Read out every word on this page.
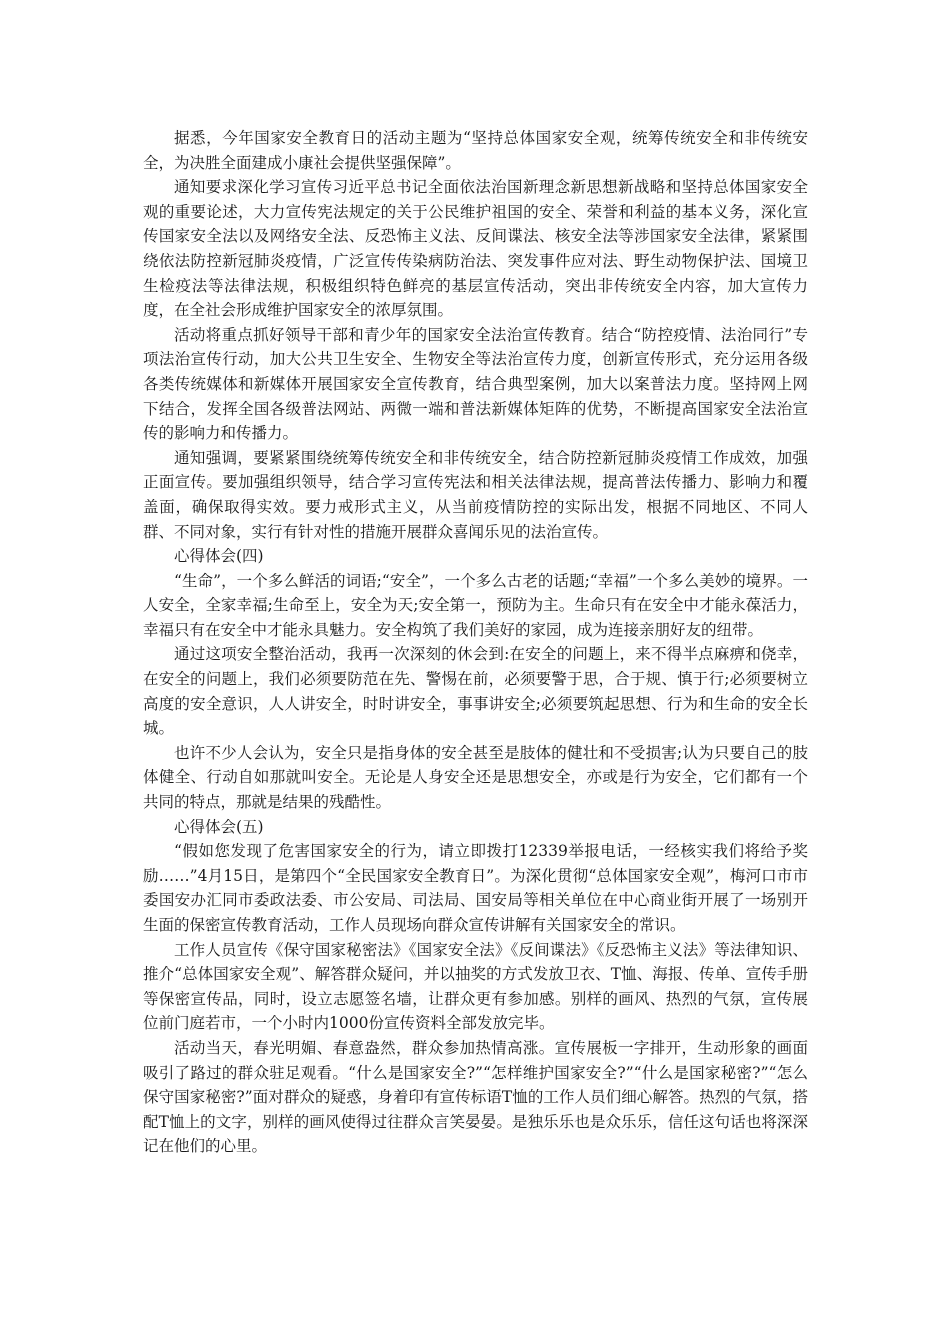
据悉，今年国家安全教育日的活动主题为“坚持总体国家安全观，统筹传统安全和非传统安全，为决胜全面建成小康社会提供坚强保障”。

通知要求深化学习宣传习近平总书记全面依法治国新理念新思想新战略和坚持总体国家安全观的重要论述，大力宣传宪法规定的关于公民维护祖国的安全、荣誉和利益的基本义务，深化宣传国家安全法以及网络安全法、反恐怖主义法、反间谍法、核安全法等涉国家安全法律，紧紧围绕依法防控新冠肺炎疫情，广泛宣传传染病防治法、突发事件应对法、野生动物保护法、国境卫生检疫法等法律法规，积极组织特色鲜亮的基层宣传活动，突出非传统安全内容，加大宣传力度，在全社会形成维护国家安全的浓厚氛围。

活动将重点抓好领导干部和青少年的国家安全法治宣传教育。结合“防控疫情、法治同行”专项法治宣传行动，加大公共卫生安全、生物安全等法治宣传力度，创新宣传形式，充分运用各级各类传统媒体和新媒体开展国家安全宣传教育，结合典型案例，加大以案普法力度。坚持网上网下结合，发挥全国各级普法网站、两微一端和普法新媒体矩阵的优势，不断提高国家安全法治宣传的影响力和传播力。

通知强调，要紧紧围绕统筹传统安全和非传统安全，结合防控新冠肺炎疫情工作成效，加强正面宣传。要加强组织领导，结合学习宣传宪法和相关法律法规，提高普法传播力、影响力和覆盖面，确保取得实效。要力戒形式主义，从当前疫情防控的实际出发，根据不同地区、不同人群、不同对象，实行有针对性的措施开展群众喜闻乐见的法治宣传。

心得体会(四)

“生命”，一个多么鲜活的词语;“安全”，一个多么古老的话题;“幸福”一个多么美妙的境界。一人安全，全家幸福;生命至上，安全为天;安全第一，预防为主。生命只有在安全中才能永葆活力，幸福只有在安全中才能永具魅力。安全构筑了我们美好的家园，成为连接亲朋好友的纽带。

通过这项安全整治活动，我再一次深刻的休会到:在安全的问题上，来不得半点麻痹和侥幸，在安全的问题上，我们必须要防范在先、警惕在前，必须要警于思，合于规、慎于行;必须要树立高度的安全意识，人人讲安全，时时讲安全，事事讲安全;必须要筑起思想、行为和生命的安全长城。

也许不少人会认为，安全只是指身体的安全甚至是肢体的健壮和不受损害;认为只要自己的肢体健全、行动自如那就叫安全。无论是人身安全还是思想安全，亦或是行为安全，它们都有一个共同的特点，那就是结果的残酷性。

心得体会(五)

“假如您发现了危害国家安全的行为，请立即拨打12339举报电话，一经核实我们将给予奖励……”4月15日，是第四个“全民国家安全教育日”。为深化贯彻“总体国家安全观”，梅河口市市委国安办汇同市委政法委、市公安局、司法局、国安局等相关单位在中心商业街开展了一场别开生面的保密宣传教育活动，工作人员现场向群众宣传讲解有关国家安全的常识。

工作人员宣传《保守国家秘密法》《国家安全法》《反间谍法》《反恐怖主义法》等法律知识、推介“总体国家安全观”、解答群众疑问，并以抽奖的方式发放卫衣、T恤、海报、传单、宣传手册等保密宣传品，同时，设立志愿签名墙，让群众更有参加感。别样的画风、热烈的气氛，宣传展位前门庭若市，一个小时内1000份宣传资料全部发放完毕。

活动当天，春光明媚、春意盎然，群众参加热情高涨。宣传展板一字排开，生动形象的画面吸引了路过的群众驻足观看。“什么是国家安全?”“怎样维护国家安全?”“什么是国家秘密?”“怎么保守国家秘密?”面对群众的疑惑，身着印有宣传标语T恤的工作人员们细心解答。热烈的气氛，搭配T恤上的文字，别样的画风使得过往群众言笑晏晏。是独乐乐也是众乐乐，信任这句话也将深深记在他们的心里。
